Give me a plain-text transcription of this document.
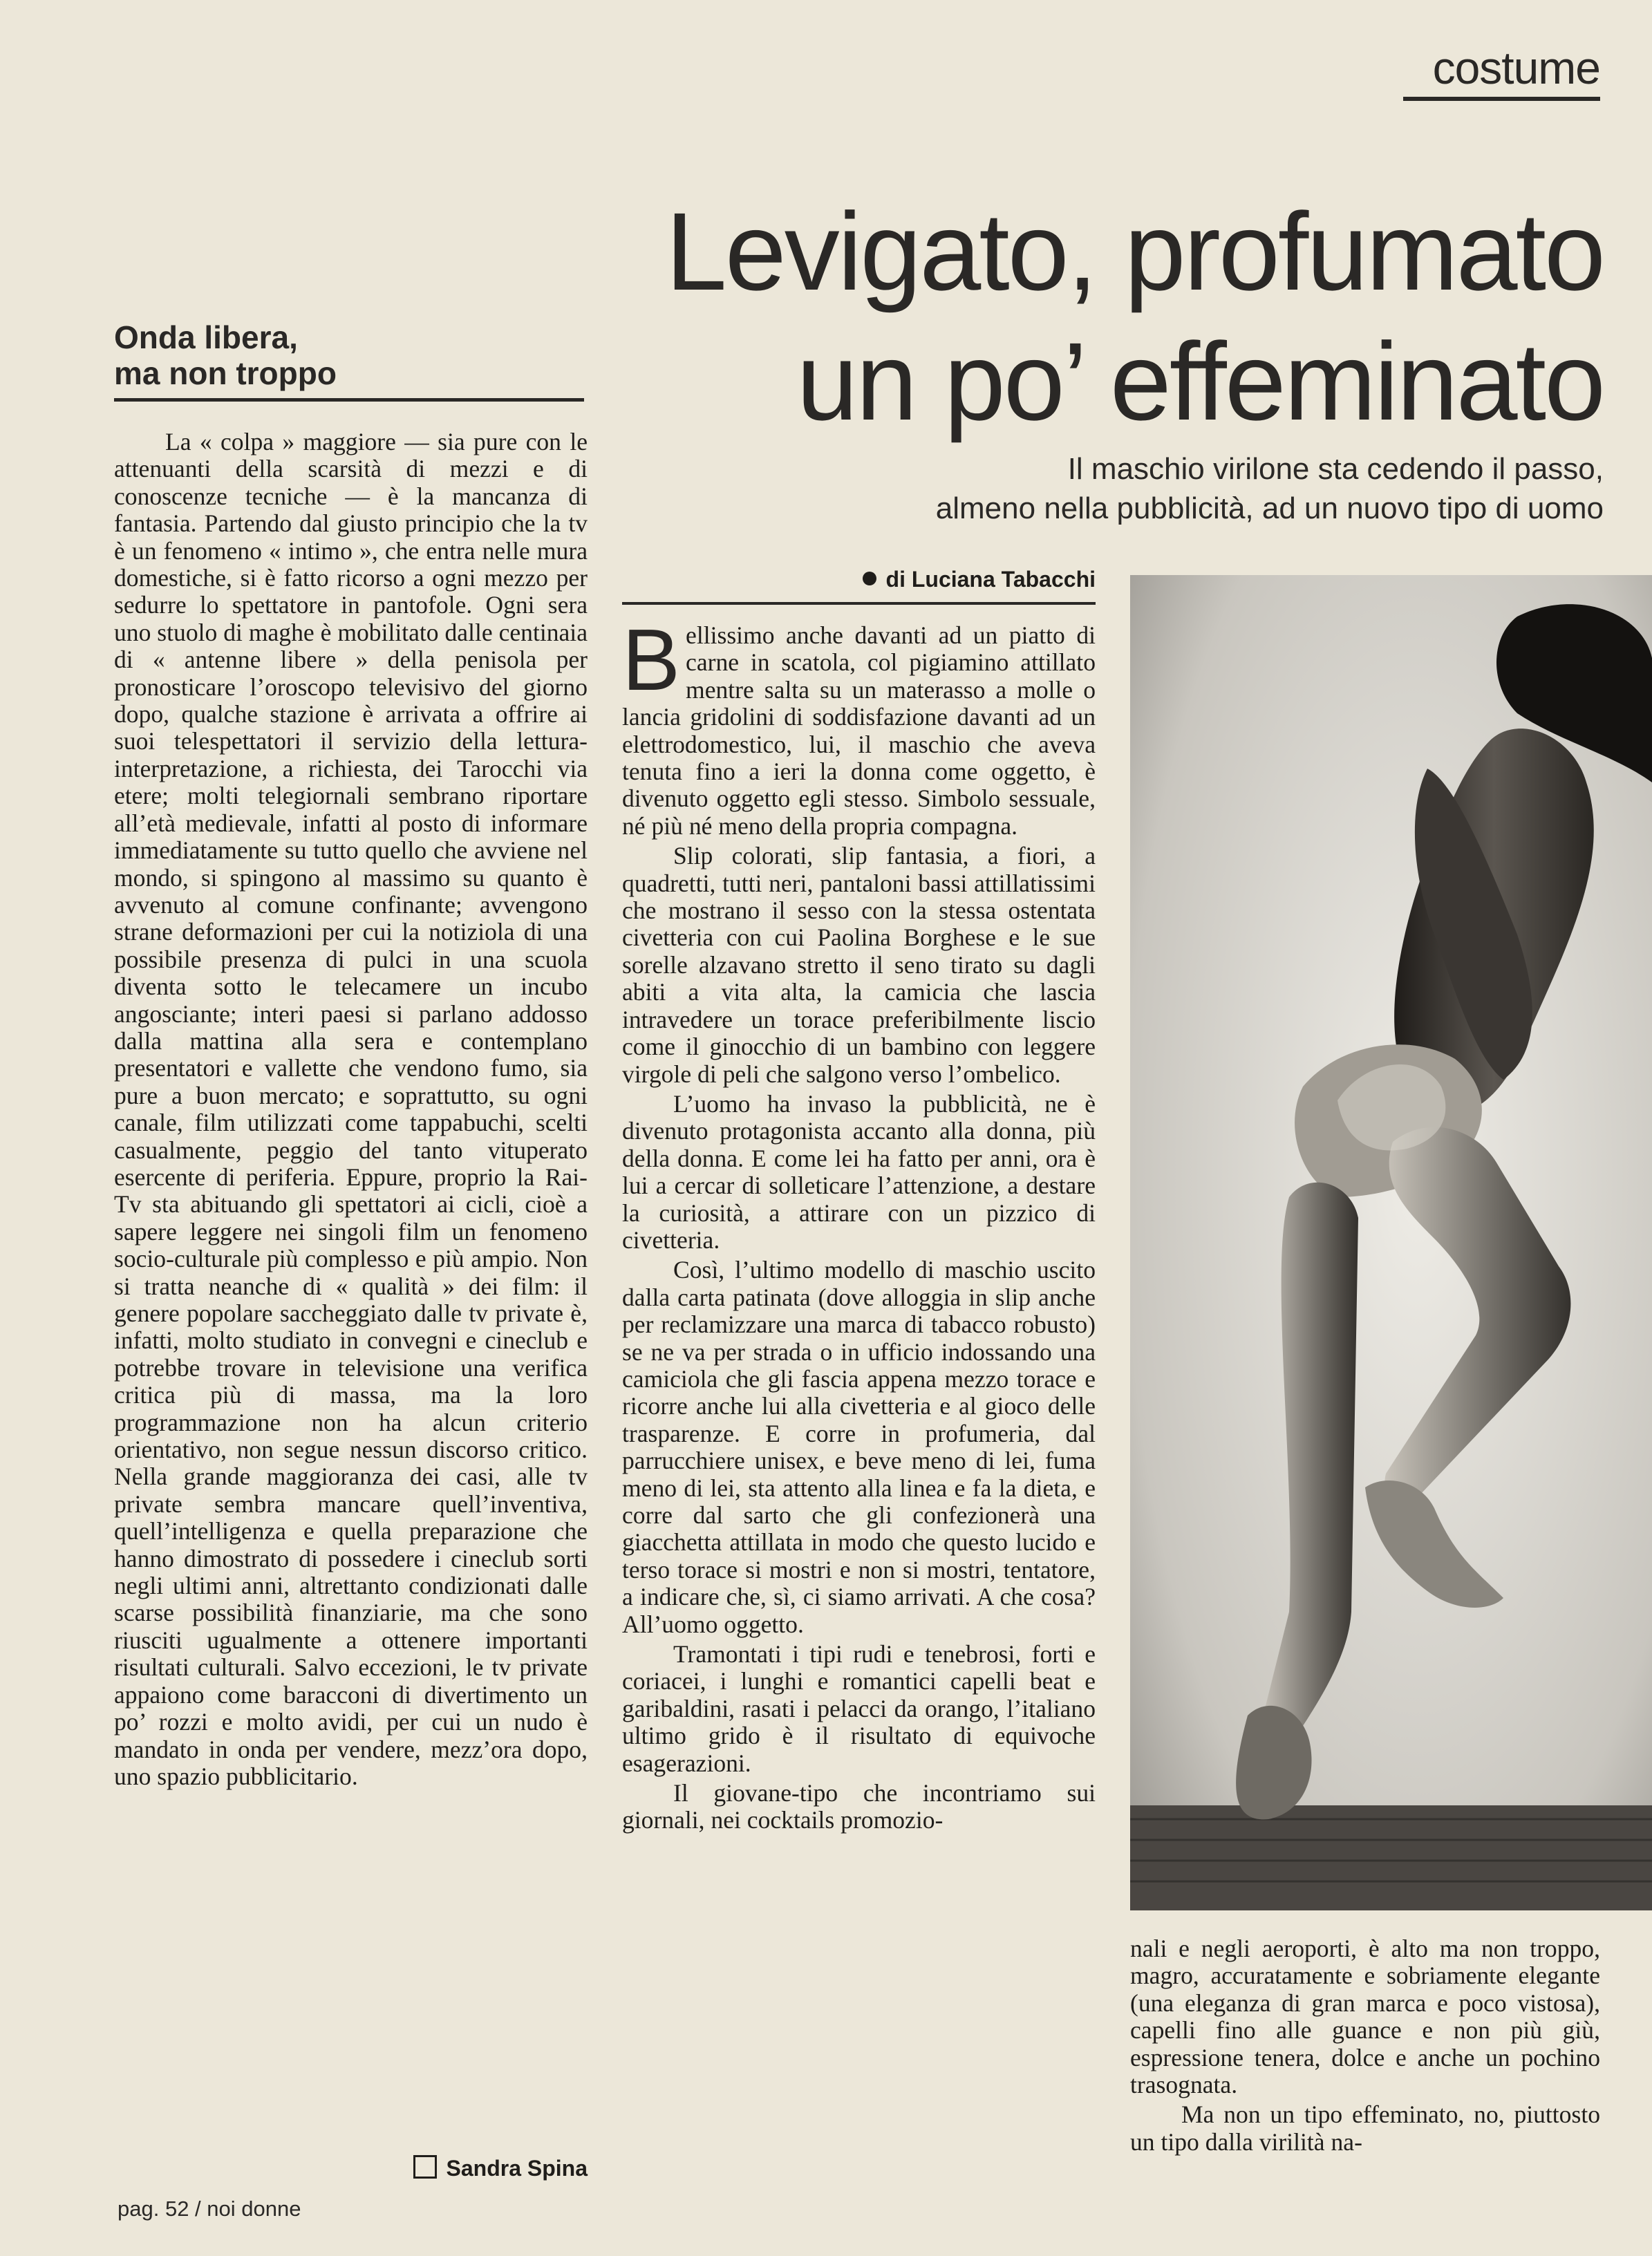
costume
Levigato, profumato
un po’ effeminato
Il maschio virilone sta cedendo il passo,
almeno nella pubblicità, ad un nuovo tipo di uomo
Onda libera,
ma non troppo

La « colpa » maggiore — sia pure con le attenuanti della scarsità di mezzi e di conoscenze tecniche — è la mancanza di fantasia. Partendo dal giusto principio che la tv è un fenomeno « intimo », che entra nelle mura domestiche, si è fatto ricorso a ogni mezzo per sedurre lo spettatore in pantofole. Ogni sera uno stuolo di maghe è mobilitato dalle centinaia di « antenne libere » della penisola per pronosticare l’oroscopo televisivo del giorno dopo, qualche stazione è arrivata a offrire ai suoi telespettatori il servizio della lettura-interpretazione, a richiesta, dei Tarocchi via etere; molti telegiornali sembrano riportare all’età medievale, infatti al posto di informare immediatamente su tutto quello che avviene nel mondo, si spingono al massimo su quanto è avvenuto al comune confinante; avvengono strane deformazioni per cui la notiziola di una possibile presenza di pulci in una scuola diventa sotto le telecamere un incubo angosciante; interi paesi si parlano addosso dalla mattina alla sera e contemplano presentatori e vallette che vendono fumo, sia pure a buon mercato; e soprattutto, su ogni canale, film utilizzati come tappabuchi, scelti casualmente, peggio del tanto vituperato esercente di periferia. Eppure, proprio la Rai-Tv sta abituando gli spettatori ai cicli, cioè a sapere leggere nei singoli film un fenomeno socio-culturale più complesso e più ampio. Non si tratta neanche di « qualità » dei film: il genere popolare saccheggiato dalle tv private è, infatti, molto studiato in convegni e cineclub e potrebbe trovare in televisione una verifica critica più di massa, ma la loro programmazione non ha alcun criterio orientativo, non segue nessun discorso critico. Nella grande maggioranza dei casi, alle tv private sembra mancare quell’inventiva, quell’intelligenza e quella preparazione che hanno dimostrato di possedere i cineclub sorti negli ultimi anni, altrettanto condizionati dalle scarse possibilità finanziarie, ma che sono riusciti ugualmente a ottenere importanti risultati culturali. Salvo eccezioni, le tv private appaiono come baracconi di divertimento un po’ rozzi e molto avidi, per cui un nudo è mandato in onda per vendere, mezz’ora dopo, uno spazio pubblicitario.

Sandra Spina
di Luciana Tabacchi

Bellissimo anche davanti ad un piatto di carne in scatola, col pigiamino attillato mentre salta su un materasso a molle o lancia gridolini di soddisfazione davanti ad un elettrodomestico, lui, il maschio che aveva tenuta fino a ieri la donna come oggetto, è divenuto oggetto egli stesso. Simbolo sessuale, né più né meno della propria compagna.

Slip colorati, slip fantasia, a fiori, a quadretti, tutti neri, pantaloni bassi attillatissimi che mostrano il sesso con la stessa ostentata civetteria con cui Paolina Borghese e le sue sorelle alzavano stretto il seno tirato su dagli abiti a vita alta, la camicia che lascia intravedere un torace preferibilmente liscio come il ginocchio di un bambino con leggere virgole di peli che salgono verso l’ombelico.

L’uomo ha invaso la pubblicità, ne è divenuto protagonista accanto alla donna, più della donna. E come lei ha fatto per anni, ora è lui a cercar di solleticare l’attenzione, a destare la curiosità, a attirare con un pizzico di civetteria.

Così, l’ultimo modello di maschio uscito dalla carta patinata (dove alloggia in slip anche per reclamizzare una marca di tabacco robusto) se ne va per strada o in ufficio indossando una camiciola che gli fascia appena mezzo torace e ricorre anche lui alla civetteria e al gioco delle trasparenze. E corre in profumeria, dal parrucchiere unisex, e beve meno di lei, fuma meno di lei, sta attento alla linea e fa la dieta, e corre dal sarto che gli confezionerà una giacchetta attillata in modo che questo lucido e terso torace si mostri e non si mostri, tentatore, a indicare che, sì, ci siamo arrivati. A che cosa? All’uomo oggetto.

Tramontati i tipi rudi e tenebrosi, forti e coriacei, i lunghi e romantici capelli beat e garibaldini, rasati i pelacci da orango, l’italiano ultimo grido è il risultato di equivoche esagerazioni.

Il giovane-tipo che incontriamo sui giornali, nei cocktails promozio-

nali e negli aeroporti, è alto ma non troppo, magro, accuratamente e sobriamente elegante (una eleganza di gran marca e poco vistosa), capelli fino alle guance e non più giù, espressione tenera, dolce e anche un pochino trasognata.

Ma non un tipo effeminato, no, piuttosto un tipo dalla virilità na-

pag. 52 / noi donne
